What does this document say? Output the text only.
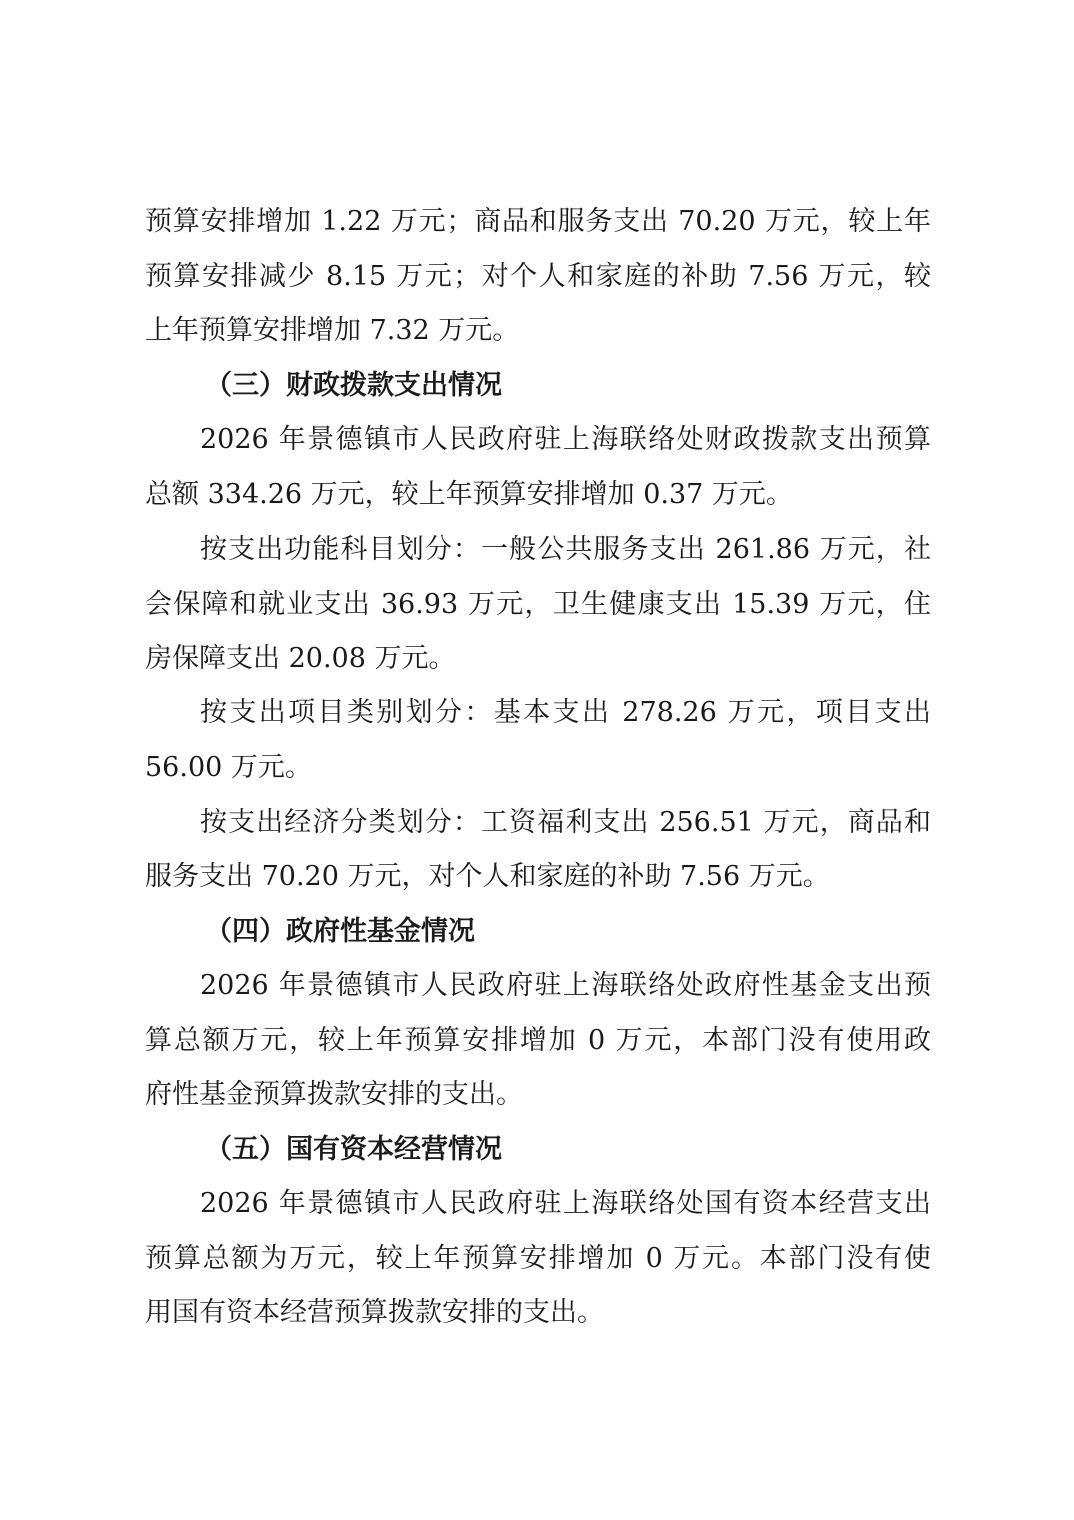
预算安排增加 1.22 万元；商品和服务支出 70.20 万元，较上年
预算安排减少 8.15 万元；对个人和家庭的补助 7.56 万元，较
上年预算安排增加 7.32 万元。
（三）财政拨款支出情况
2026 年景德镇市人民政府驻上海联络处财政拨款支出预算
总额 334.26 万元，较上年预算安排增加 0.37 万元。
按支出功能科目划分：一般公共服务支出 261.86 万元，社
会保障和就业支出 36.93 万元，卫生健康支出 15.39 万元，住
房保障支出 20.08 万元。
按支出项目类别划分：基本支出 278.26 万元，项目支出
56.00 万元。
按支出经济分类划分：工资福利支出 256.51 万元，商品和
服务支出 70.20 万元，对个人和家庭的补助 7.56 万元。
（四）政府性基金情况
2026 年景德镇市人民政府驻上海联络处政府性基金支出预
算总额万元，较上年预算安排增加 0 万元，本部门没有使用政
府性基金预算拨款安排的支出。
（五）国有资本经营情况
2026 年景德镇市人民政府驻上海联络处国有资本经营支出
预算总额为万元，较上年预算安排增加 0 万元。本部门没有使
用国有资本经营预算拨款安排的支出。
